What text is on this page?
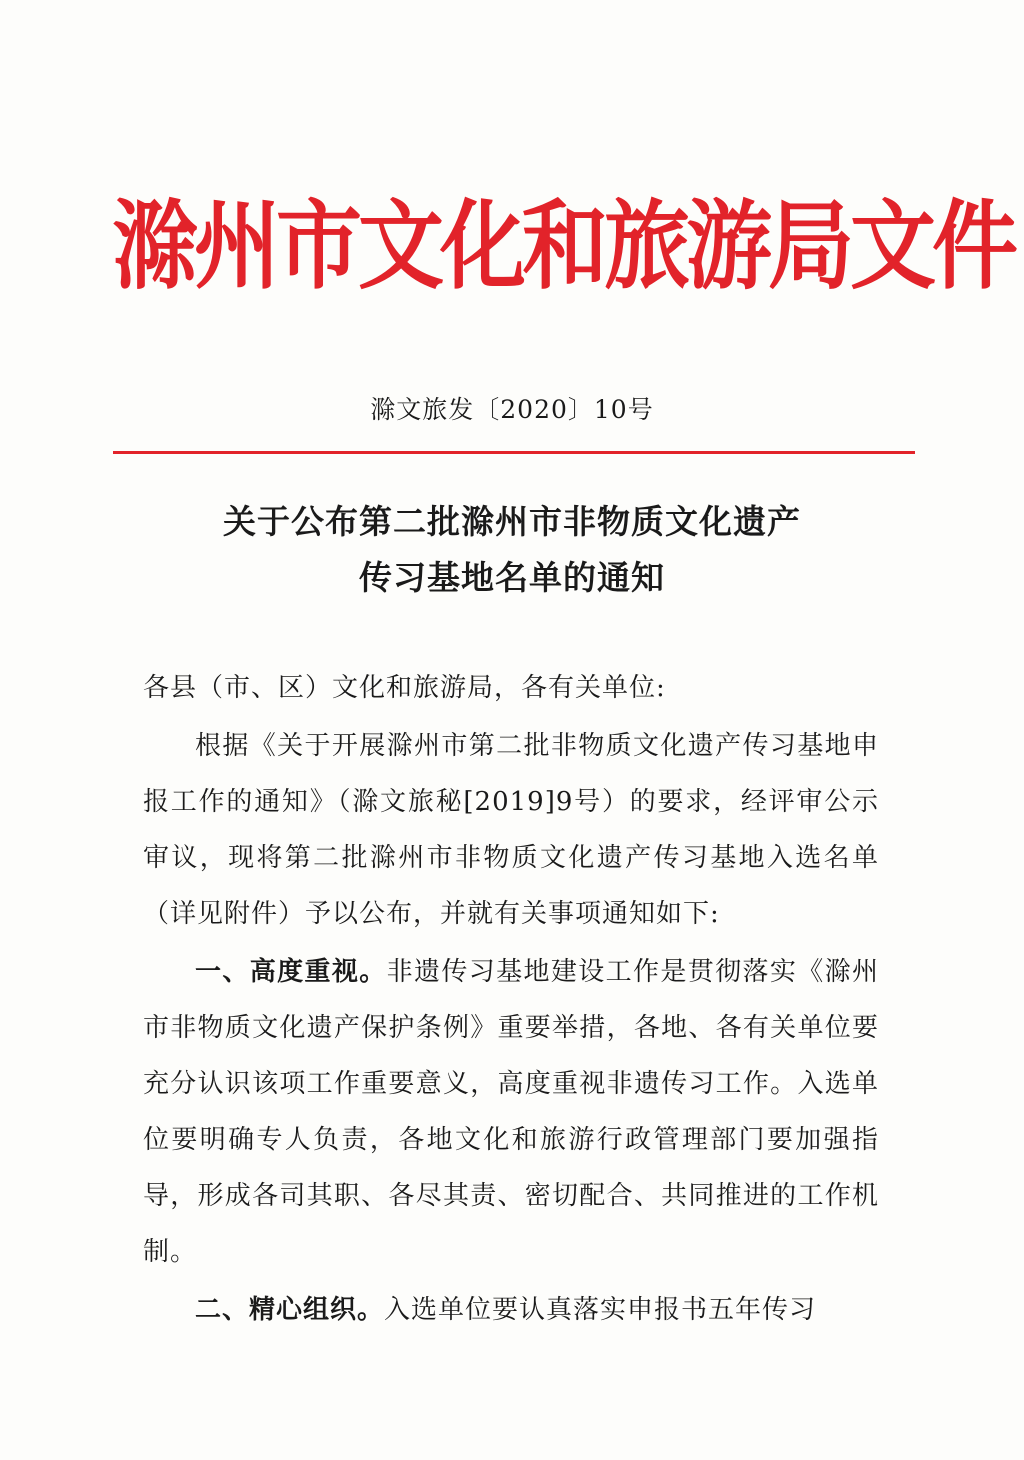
滁州市文化和旅游局文件
滁文旅发〔2020〕10号
关于公布第二批滁州市非物质文化遗产
传习基地名单的通知

各县（市、区）文化和旅游局，各有关单位:

根据《关于开展滁州市第二批非物质文化遗产传习基地申报工作的通知》（滁文旅秘[2019]9号）的要求，经评审公示审议，现将第二批滁州市非物质文化遗产传习基地入选名单（详见附件）予以公布，并就有关事项通知如下:

一、高度重视。非遗传习基地建设工作是贯彻落实《滁州市非物质文化遗产保护条例》重要举措，各地、各有关单位要充分认识该项工作重要意义，高度重视非遗传习工作。入选单位要明确专人负责，各地文化和旅游行政管理部门要加强指导，形成各司其职、各尽其责、密切配合、共同推进的工作机制。

二、精心组织。入选单位要认真落实申报书五年传习
